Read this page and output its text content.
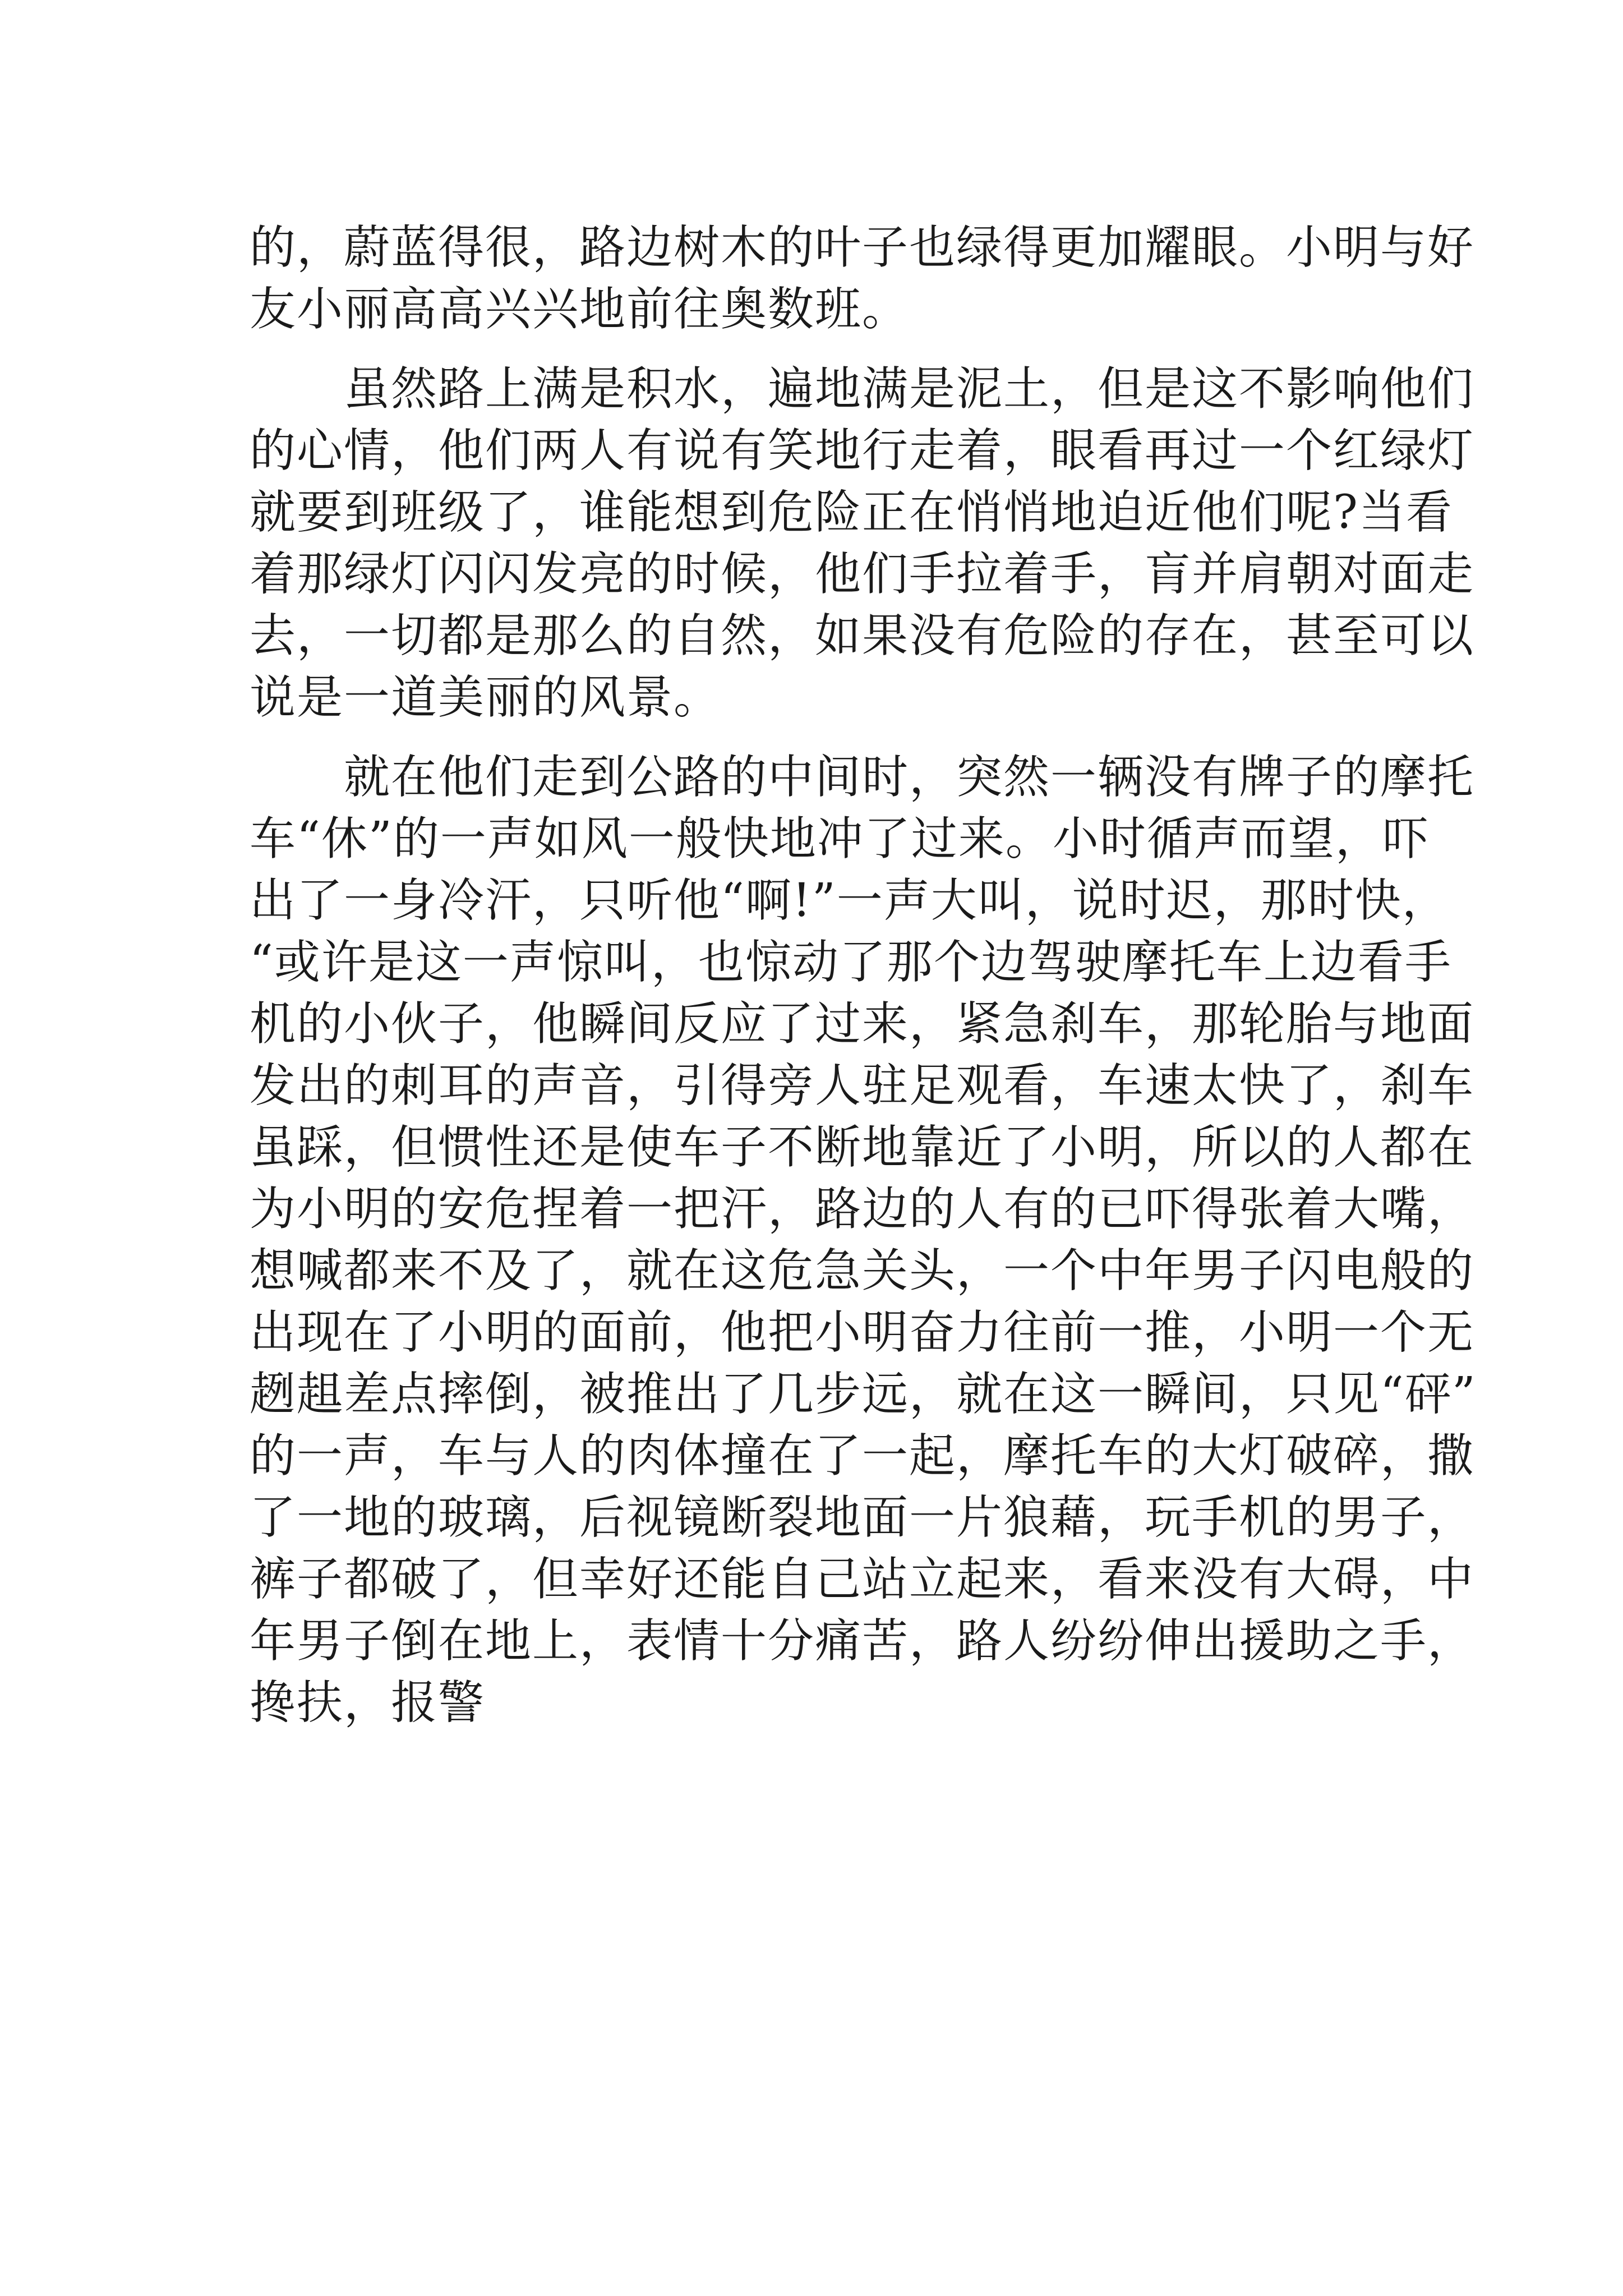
的，蔚蓝得很，路边树木的叶子也绿得更加耀眼。小明与好
友小丽高高兴兴地前往奥数班。
　　虽然路上满是积水，遍地满是泥土，但是这不影响他们
的心情，他们两人有说有笑地行走着，眼看再过一个红绿灯
就要到班级了，谁能想到危险正在悄悄地迫近他们呢?当看
着那绿灯闪闪发亮的时候，他们手拉着手，肓并肩朝对面走
去，一切都是那么的自然，如果没有危险的存在，甚至可以
说是一道美丽的风景。
　　就在他们走到公路的中间时，突然一辆没有牌子的摩托
车“休”的一声如风一般快地冲了过来。小时循声而望，吓
出了一身冷汗，只听他“啊!”一声大叫，说时迟，那时快，
“或许是这一声惊叫，也惊动了那个边驾驶摩托车上边看手
机的小伙子，他瞬间反应了过来，紧急刹车，那轮胎与地面
发出的刺耳的声音，引得旁人驻足观看，车速太快了，刹车
虽踩，但惯性还是使车子不断地靠近了小明，所以的人都在
为小明的安危捏着一把汗，路边的人有的已吓得张着大嘴，
想喊都来不及了，就在这危急关头，一个中年男子闪电般的
出现在了小明的面前，他把小明奋力往前一推，小明一个无
趔趄差点摔倒，被推出了几步远，就在这一瞬间，只见“砰”
的一声，车与人的肉体撞在了一起，摩托车的大灯破碎，撒
了一地的玻璃，后视镜断裂地面一片狼藉，玩手机的男子，
裤子都破了，但幸好还能自己站立起来，看来没有大碍，中
年男子倒在地上，表情十分痛苦，路人纷纷伸出援助之手，
搀扶，报警
